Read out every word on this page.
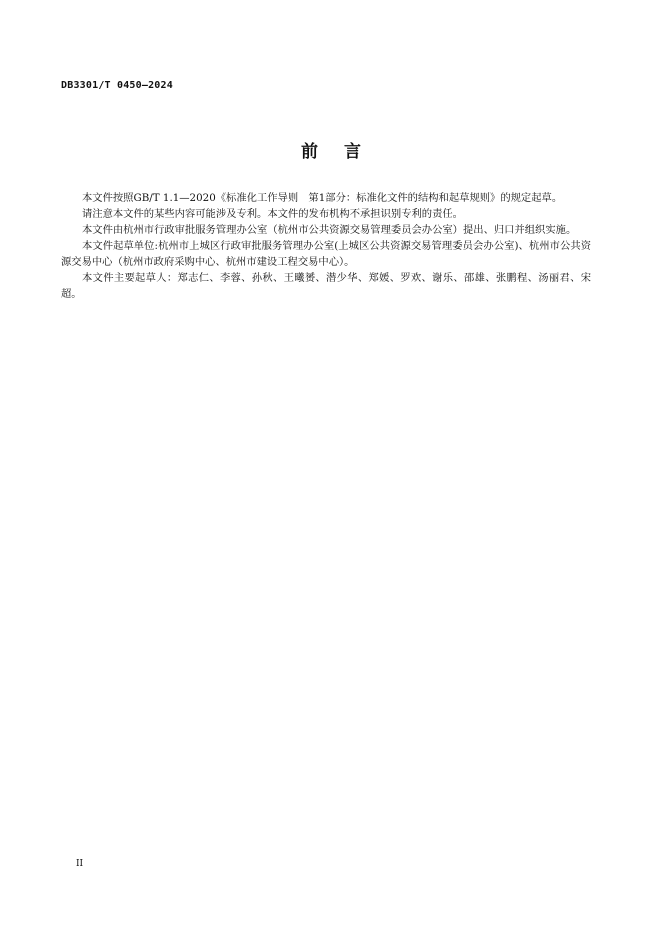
DB3301/T 0450—2024
前言

本文件按照GB/T 1.1—2020《标准化工作导则　第1部分：标准化文件的结构和起草规则》的规定起草。

请注意本文件的某些内容可能涉及专利。本文件的发布机构不承担识别专利的责任。

本文件由杭州市行政审批服务管理办公室（杭州市公共资源交易管理委员会办公室）提出、归口并组织实施。

本文件起草单位:杭州市上城区行政审批服务管理办公室(上城区公共资源交易管理委员会办公室)、杭州市公共资源交易中心（杭州市政府采购中心、杭州市建设工程交易中心）。

本文件主要起草人：郑志仁、李蓉、孙秋、王曦赟、潜少华、郑媛、罗欢、谢乐、邵雄、张鹏程、汤丽君、宋超。

II
